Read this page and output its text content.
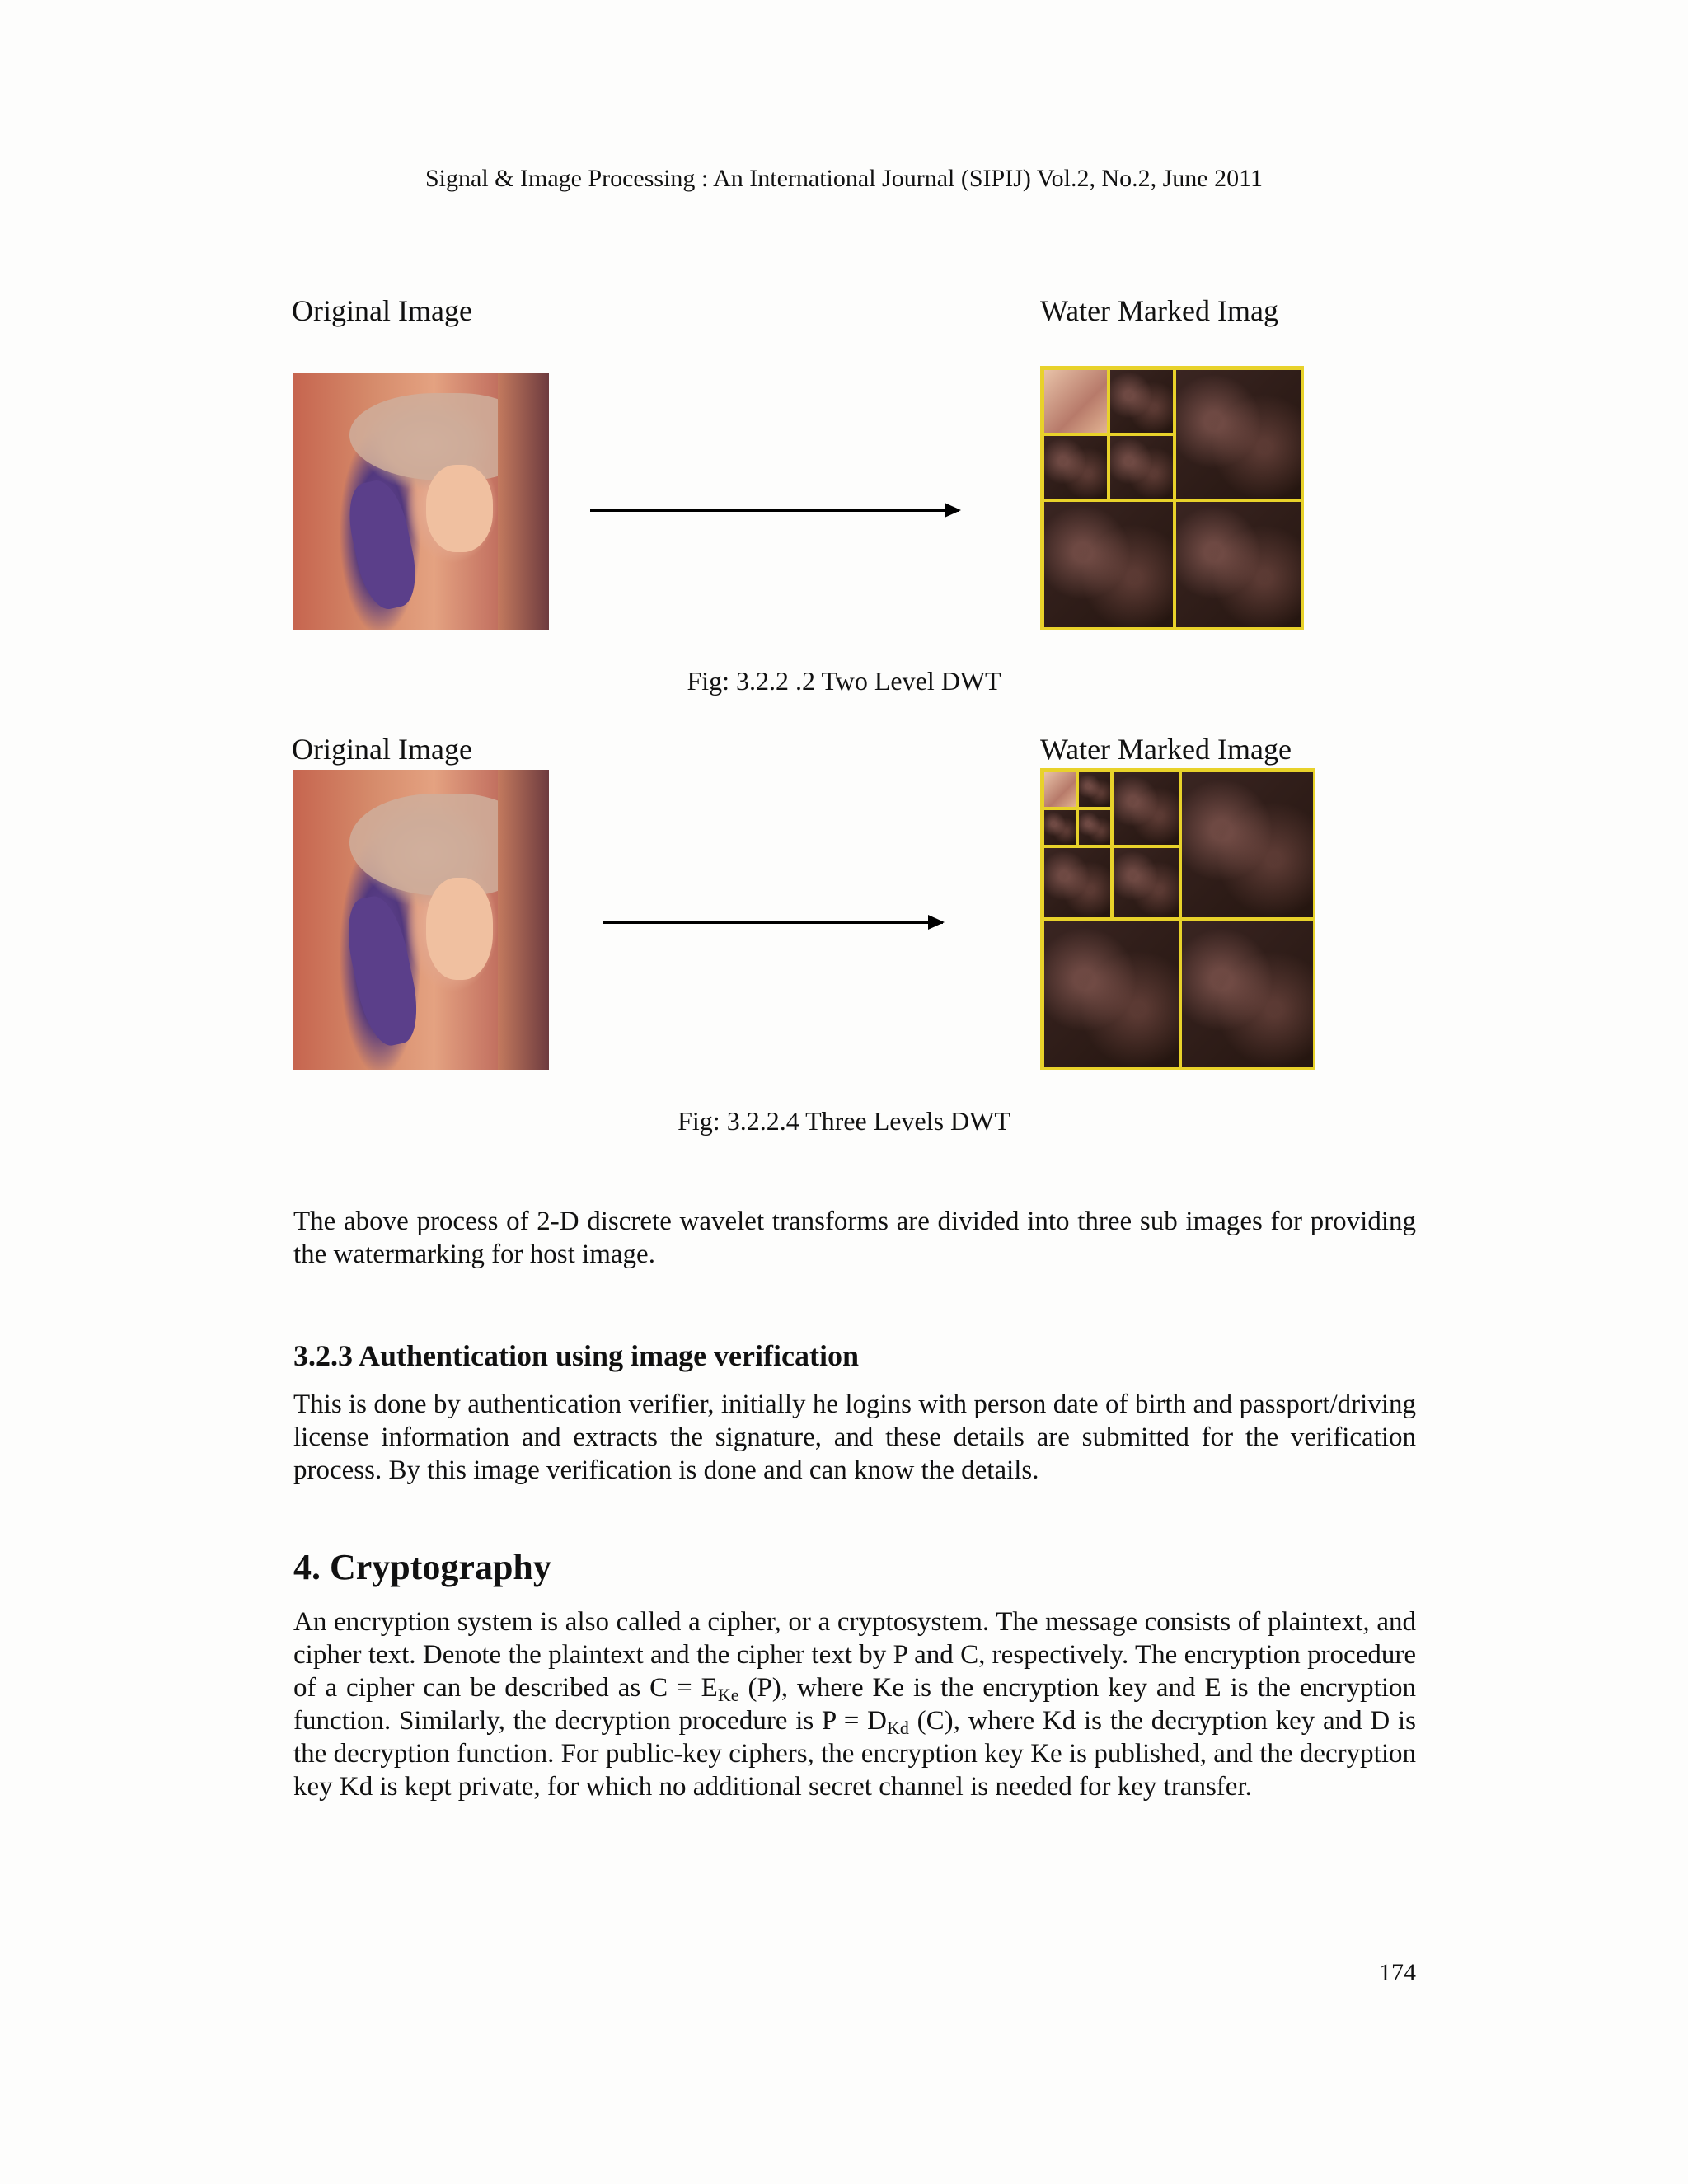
Signal & Image Processing : An International Journal (SIPIJ) Vol.2, No.2, June 2011
Original Image	Water Marked Imag
Fig: 3.2.2 .2 Two Level DWT
Original Image	Water Marked Image
Fig: 3.2.2.4 Three Levels DWT
The above process of 2-D discrete wavelet transforms are divided into three sub images for providing the watermarking for host image.
3.2.3 Authentication using image verification
This is done by authentication verifier, initially he logins with person date of birth and passport/driving license information and extracts the signature, and these details are submitted for the verification process. By this image verification is done and can know the details.
4. Cryptography
An encryption system is also called a cipher, or a cryptosystem. The message consists of plaintext, and cipher text. Denote the plaintext and the cipher text by P and C, respectively. The encryption procedure of a cipher can be described as $C = E_{Ke}$ (P), where Ke is the encryption key and E is the encryption function. Similarly, the decryption procedure is $P = D_{Kd}$ (C), where Kd is the decryption key and D is the decryption function. For public-key ciphers, the encryption key Ke is published, and the decryption key Kd is kept private, for which no additional secret channel is needed for key transfer.
174
